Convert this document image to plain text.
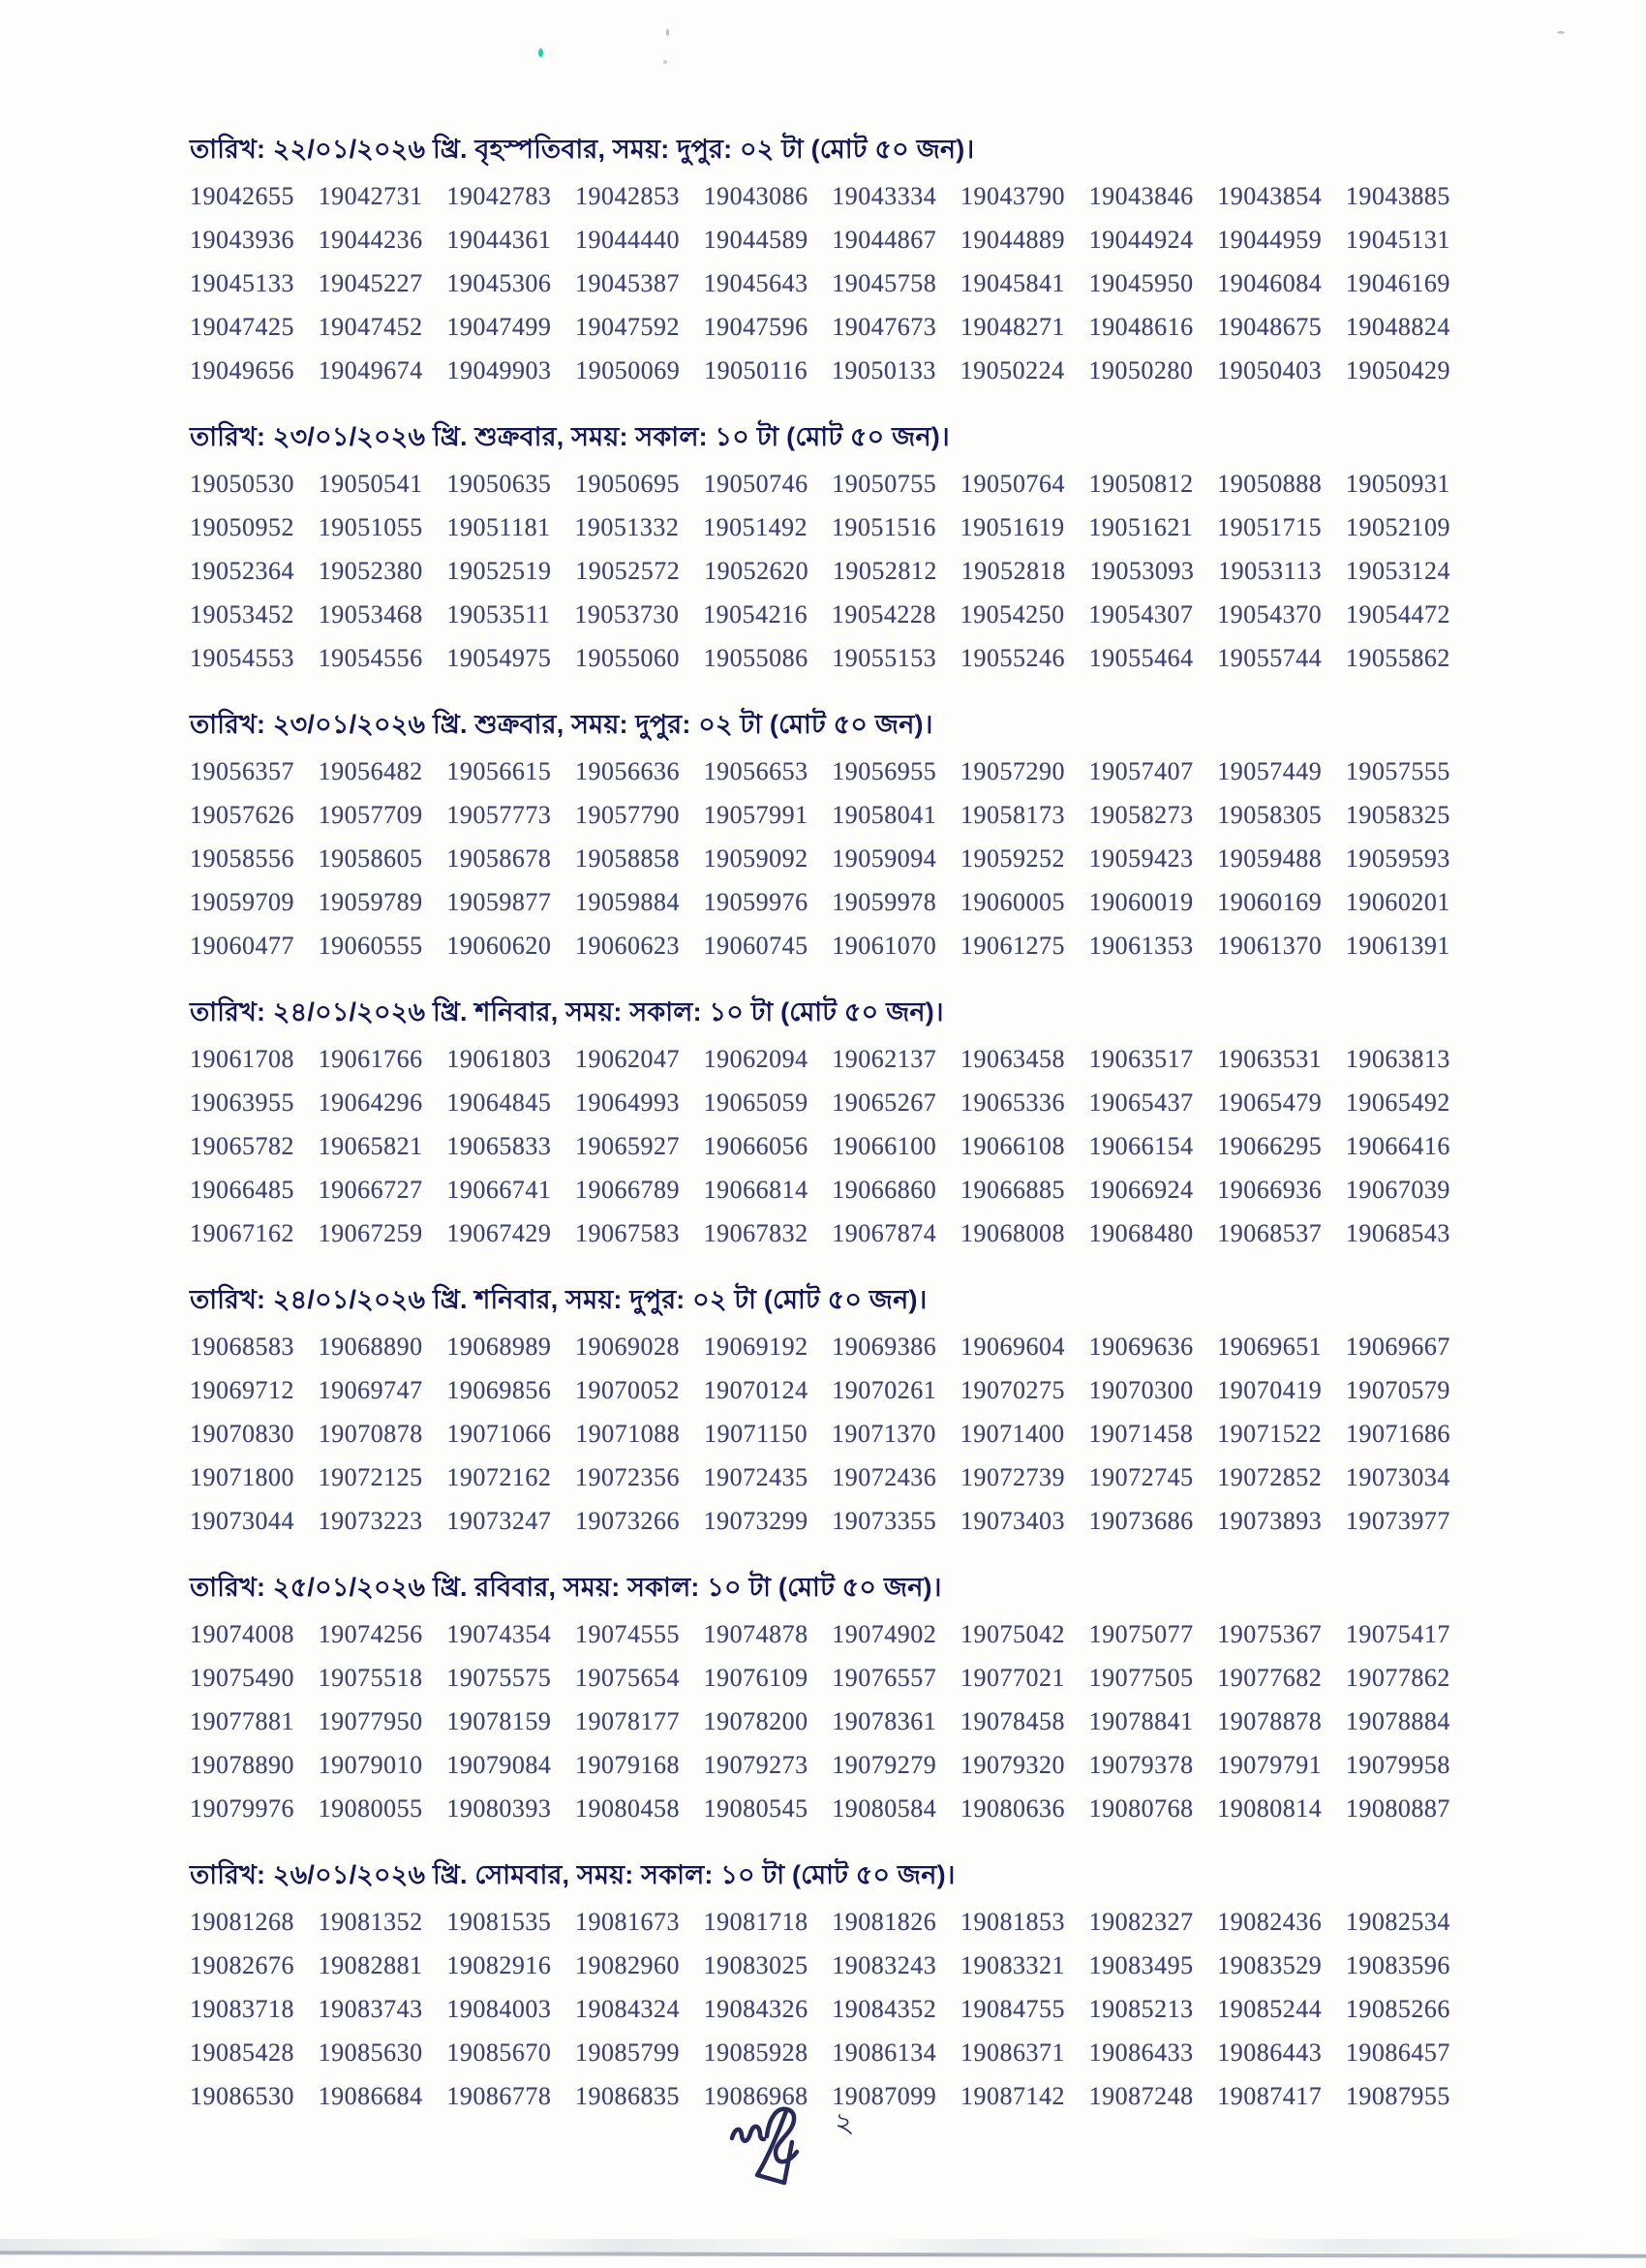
তারিখ: ২২/০১/২০২৬ খ্রি. বৃহস্পতিবার, সময়: দুপুর: ০২ টা (মোট ৫০ জন)।
19042655 19042731 19042783 19042853 19043086 19043334 19043790 19043846 19043854 19043885
19043936 19044236 19044361 19044440 19044589 19044867 19044889 19044924 19044959 19045131
19045133 19045227 19045306 19045387 19045643 19045758 19045841 19045950 19046084 19046169
19047425 19047452 19047499 19047592 19047596 19047673 19048271 19048616 19048675 19048824
19049656 19049674 19049903 19050069 19050116 19050133 19050224 19050280 19050403 19050429
তারিখ: ২৩/০১/২০২৬ খ্রি. শুক্রবার, সময়: সকাল: ১০ টা (মোট ৫০ জন)।
19050530 19050541 19050635 19050695 19050746 19050755 19050764 19050812 19050888 19050931
19050952 19051055 19051181 19051332 19051492 19051516 19051619 19051621 19051715 19052109
19052364 19052380 19052519 19052572 19052620 19052812 19052818 19053093 19053113 19053124
19053452 19053468 19053511 19053730 19054216 19054228 19054250 19054307 19054370 19054472
19054553 19054556 19054975 19055060 19055086 19055153 19055246 19055464 19055744 19055862
তারিখ: ২৩/০১/২০২৬ খ্রি. শুক্রবার, সময়: দুপুর: ০২ টা (মোট ৫০ জন)।
19056357 19056482 19056615 19056636 19056653 19056955 19057290 19057407 19057449 19057555
19057626 19057709 19057773 19057790 19057991 19058041 19058173 19058273 19058305 19058325
19058556 19058605 19058678 19058858 19059092 19059094 19059252 19059423 19059488 19059593
19059709 19059789 19059877 19059884 19059976 19059978 19060005 19060019 19060169 19060201
19060477 19060555 19060620 19060623 19060745 19061070 19061275 19061353 19061370 19061391
তারিখ: ২৪/০১/২০২৬ খ্রি. শনিবার, সময়: সকাল: ১০ টা (মোট ৫০ জন)।
19061708 19061766 19061803 19062047 19062094 19062137 19063458 19063517 19063531 19063813
19063955 19064296 19064845 19064993 19065059 19065267 19065336 19065437 19065479 19065492
19065782 19065821 19065833 19065927 19066056 19066100 19066108 19066154 19066295 19066416
19066485 19066727 19066741 19066789 19066814 19066860 19066885 19066924 19066936 19067039
19067162 19067259 19067429 19067583 19067832 19067874 19068008 19068480 19068537 19068543
তারিখ: ২৪/০১/২০২৬ খ্রি. শনিবার, সময়: দুপুর: ০২ টা (মোট ৫০ জন)।
19068583 19068890 19068989 19069028 19069192 19069386 19069604 19069636 19069651 19069667
19069712 19069747 19069856 19070052 19070124 19070261 19070275 19070300 19070419 19070579
19070830 19070878 19071066 19071088 19071150 19071370 19071400 19071458 19071522 19071686
19071800 19072125 19072162 19072356 19072435 19072436 19072739 19072745 19072852 19073034
19073044 19073223 19073247 19073266 19073299 19073355 19073403 19073686 19073893 19073977
তারিখ: ২৫/০১/২০২৬ খ্রি. রবিবার, সময়: সকাল: ১০ টা (মোট ৫০ জন)।
19074008 19074256 19074354 19074555 19074878 19074902 19075042 19075077 19075367 19075417
19075490 19075518 19075575 19075654 19076109 19076557 19077021 19077505 19077682 19077862
19077881 19077950 19078159 19078177 19078200 19078361 19078458 19078841 19078878 19078884
19078890 19079010 19079084 19079168 19079273 19079279 19079320 19079378 19079791 19079958
19079976 19080055 19080393 19080458 19080545 19080584 19080636 19080768 19080814 19080887
তারিখ: ২৬/০১/২০২৬ খ্রি. সোমবার, সময়: সকাল: ১০ টা (মোট ৫০ জন)।
19081268 19081352 19081535 19081673 19081718 19081826 19081853 19082327 19082436 19082534
19082676 19082881 19082916 19082960 19083025 19083243 19083321 19083495 19083529 19083596
19083718 19083743 19084003 19084324 19084326 19084352 19084755 19085213 19085244 19085266
19085428 19085630 19085670 19085799 19085928 19086134 19086371 19086433 19086443 19086457
19086530 19086684 19086778 19086835 19086968 19087099 19087142 19087248 19087417 19087955
২
